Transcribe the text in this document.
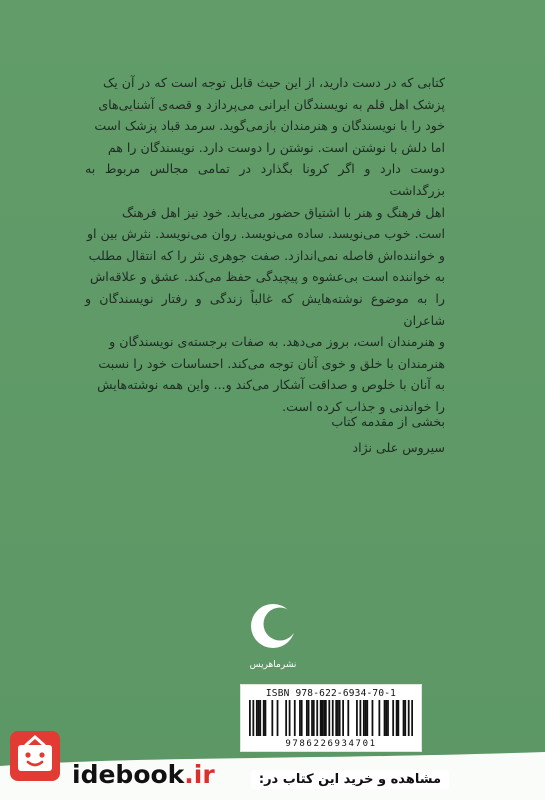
کتابی که در دست دارید، از این حیث قابل توجه است که در آن یک

پزشک اهل قلم به نویسندگان ایرانی می‌پردازد و قصه‌ی آشنایی‌های

خود را با نویسندگان و هنرمندان بازمی‌گوید. سرمد قباد پزشک است

اما دلش با نوشتن است. نوشتن را دوست دارد. نویسندگان را هم

دوست دارد و اگر کرونا بگذارد در تمامی مجالس مربوط به بزرگداشت

اهل فرهنگ و هنر با اشتیاق حضور می‌یابد. خود نیز اهل فرهنگ

است. خوب می‌نویسد. ساده می‌نویسد. روان می‌نویسد. نثرش بین او

و خواننده‌اش فاصله نمی‌اندازد. صفت جوهری نثر را که انتقال مطلب

به خواننده است بی‌عشوه و پیچیدگی حفظ می‌کند. عشق و علاقه‌اش

را به موضوع نوشته‌هایش که غالباً زندگی و رفتار نویسندگان و شاعران

و هنرمندان است، بروز می‌دهد. به صفات برجسته‌ی نویسندگان و

هنرمندان با خلق و خوی آنان توجه می‌کند. احساسات خود را نسبت

به آنان با خلوص و صداقت آشکار می‌کند و... واین همه نوشته‌هایش

را خواندنی و جذاب کرده است.

بخشی از مقدمه کتاب
سیروس علی نژاد
نشرماهریس
ISBN 978-622-6934-70-1
9786226934701
idebook.ir	مشاهده و خرید این کتاب در:
